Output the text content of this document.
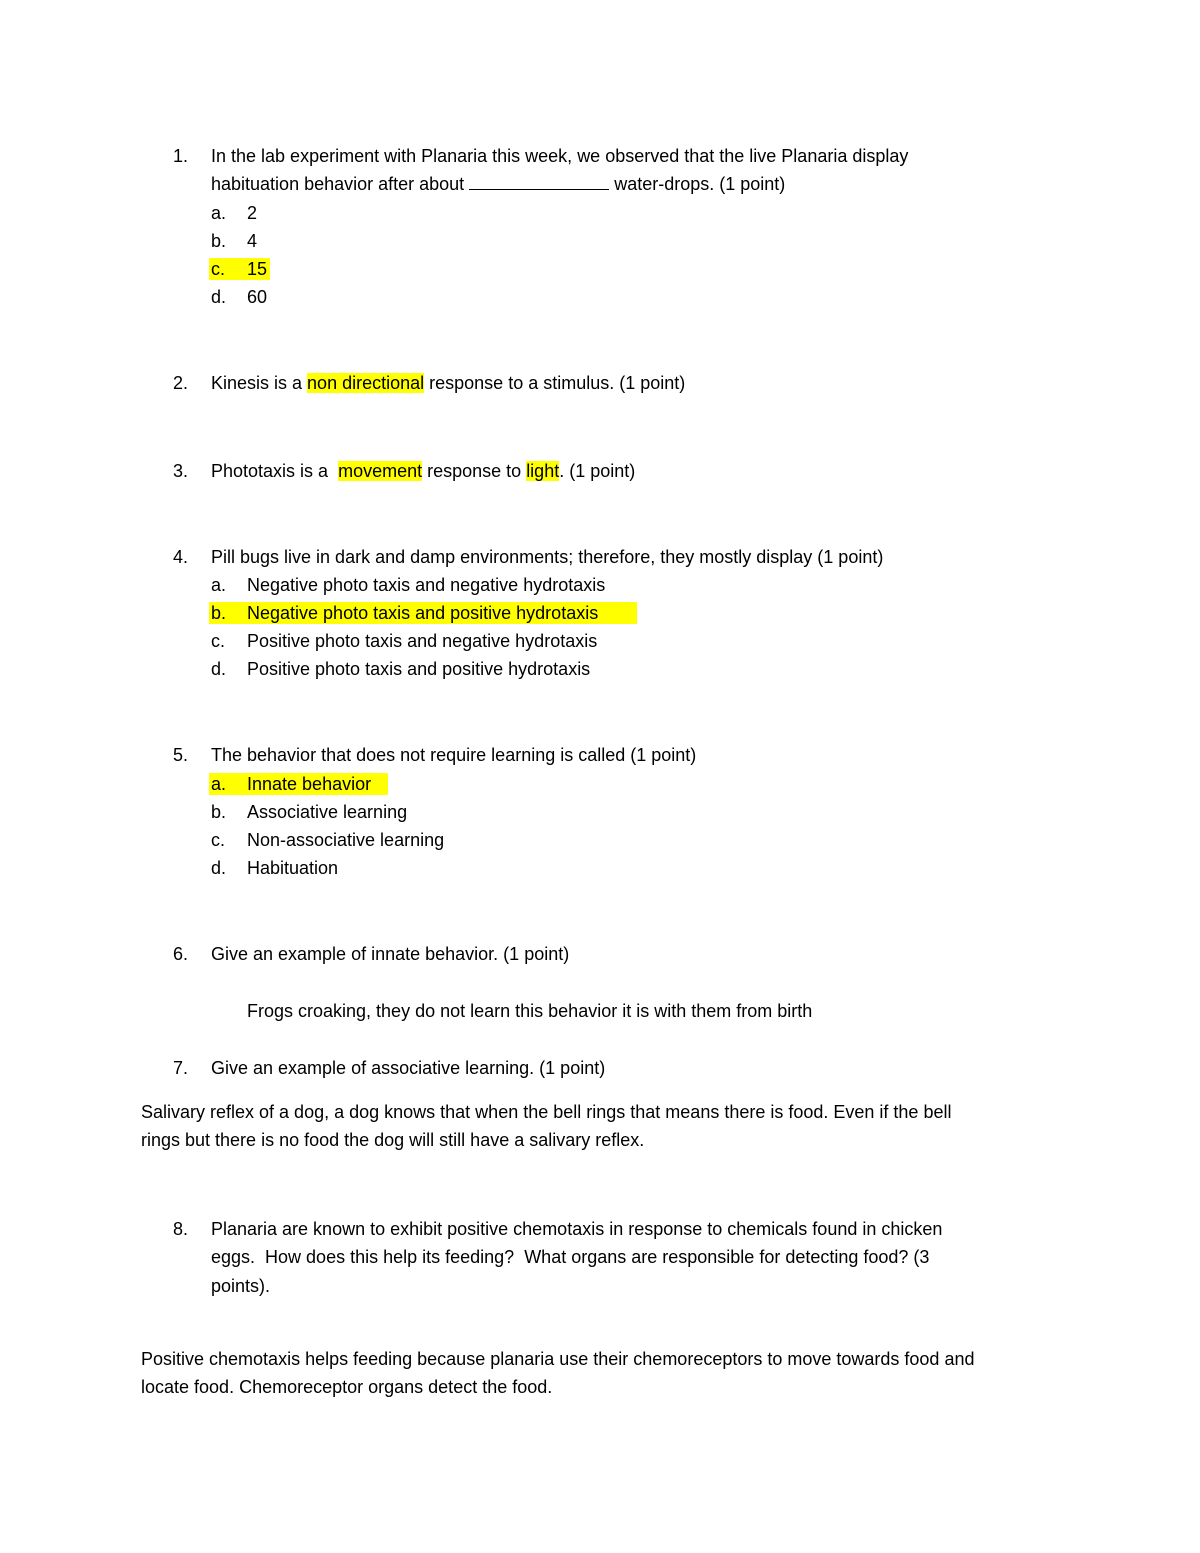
1. In the lab experiment with Planaria this week, we observed that the live Planaria display
habituation behavior after about	water-drops. (1 point)
a. 2
b. 4
c. 15
d. 60
2. Kinesis is a non directional response to a stimulus. (1 point)
3. Phototaxis is a  movement response to light. (1 point)
4. Pill bugs live in dark and damp environments; therefore, they mostly display (1 point)
a. Negative photo taxis and negative hydrotaxis
b. Negative photo taxis and positive hydrotaxis
c. Positive photo taxis and negative hydrotaxis
d. Positive photo taxis and positive hydrotaxis
5. The behavior that does not require learning is called (1 point)
a. Innate behavior
b. Associative learning
c. Non-associative learning
d. Habituation
6. Give an example of innate behavior. (1 point)
Frogs croaking, they do not learn this behavior it is with them from birth
7. Give an example of associative learning. (1 point)
Salivary reflex of a dog, a dog knows that when the bell rings that means there is food. Even if the bell
rings but there is no food the dog will still have a salivary reflex.
8. Planaria are known to exhibit positive chemotaxis in response to chemicals found in chicken
eggs.  How does this help its feeding?  What organs are responsible for detecting food? (3
points).
Positive chemotaxis helps feeding because planaria use their chemoreceptors to move towards food and
locate food. Chemoreceptor organs detect the food.
